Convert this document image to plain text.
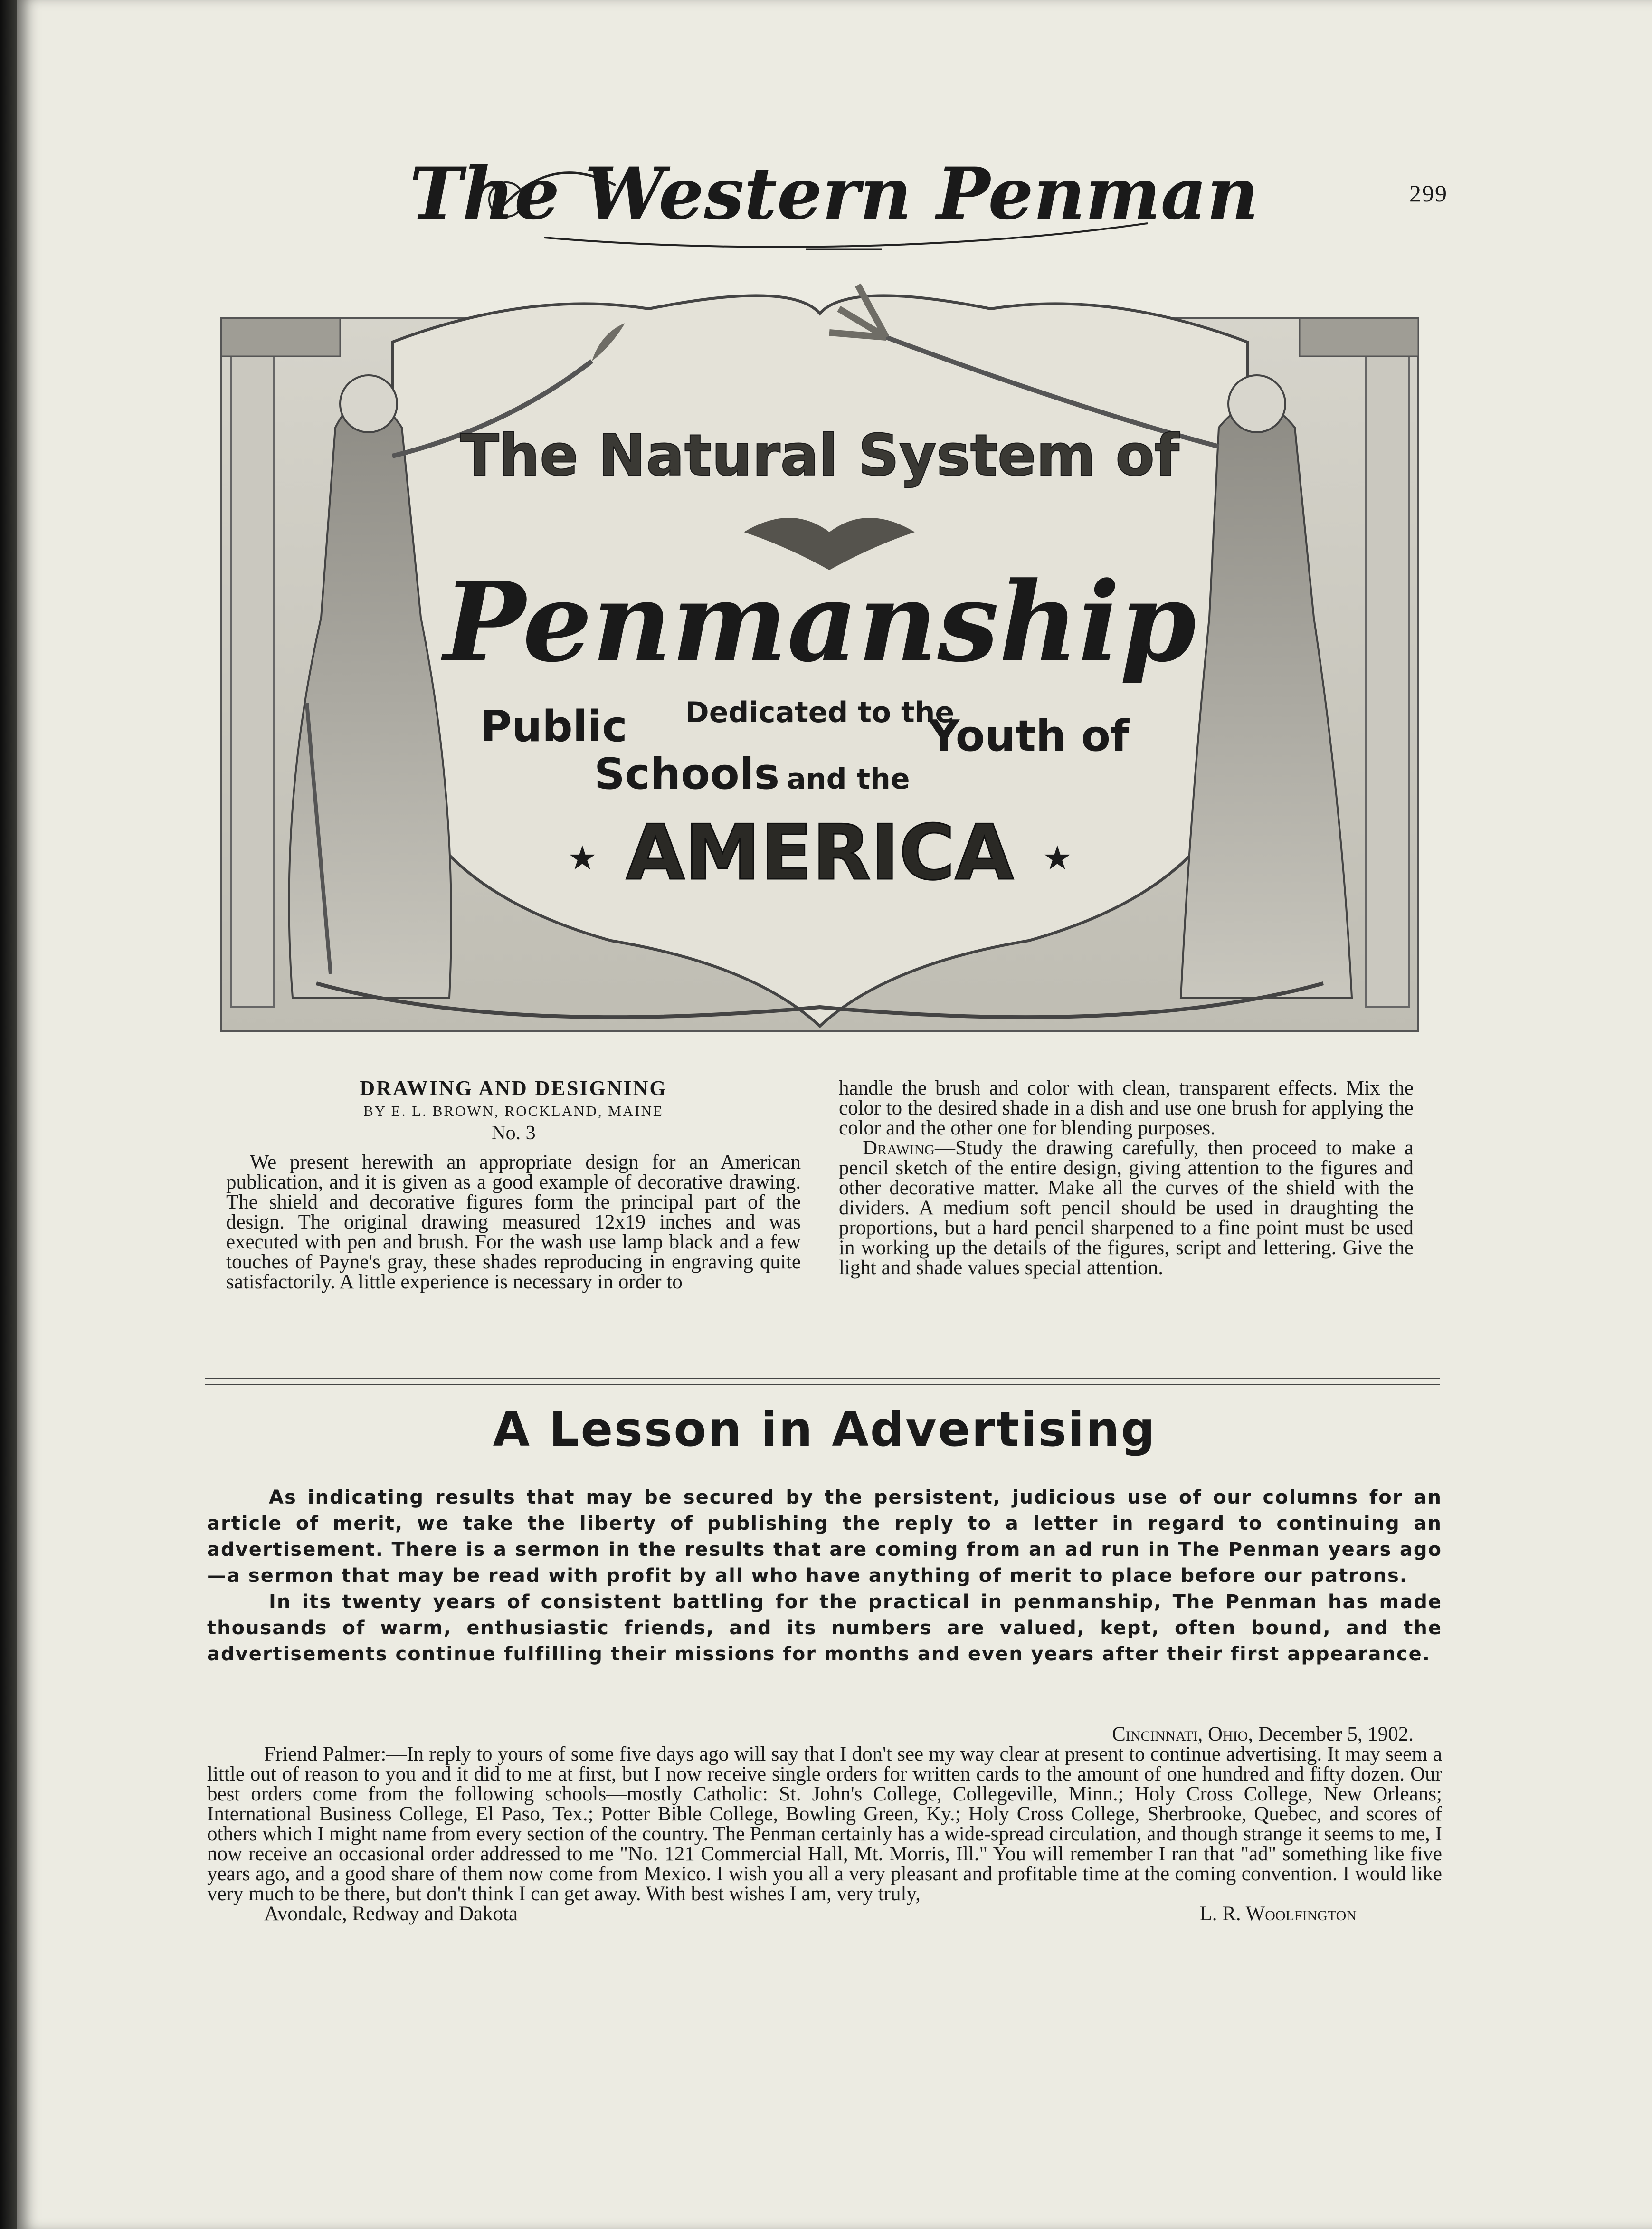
The Western Penman	299
The Natural System of
Penmanship
Public Dedicated to the
Schools and the
Youth of
AMERICA
★	★
DRAWING AND DESIGNING
BY E. L. BROWN, ROCKLAND, MAINE
No. 3

We present herewith an appropriate design for an American publication, and it is given as a good example of decorative drawing. The shield and decorative figures form the principal part of the design. The original drawing measured 12x19 inches and was executed with pen and brush. For the wash use lamp black and a few touches of Payne's gray, these shades reproducing in engraving quite satisfactorily. A little experience is necessary in order to

handle the brush and color with clean, transparent effects. Mix the color to the desired shade in a dish and use one brush for applying the color and the other one for blending purposes.

Drawing—Study the drawing carefully, then proceed to make a pencil sketch of the entire design, giving attention to the figures and other decorative matter. Make all the curves of the shield with the dividers. A medium soft pencil should be used in draughting the proportions, but a hard pencil sharpened to a fine point must be used in working up the details of the figures, script and lettering. Give the light and shade values special attention.

A Lesson in Advertising

As indicating results that may be secured by the persistent, judicious use of our columns for an article of merit, we take the liberty of publishing the reply to a letter in regard to continuing an advertisement. There is a sermon in the results that are coming from an ad run in The Penman years ago—a sermon that may be read with profit by all who have anything of merit to place before our patrons.

In its twenty years of consistent battling for the practical in penmanship, The Penman has made thousands of warm, enthusiastic friends, and its numbers are valued, kept, often bound, and the advertisements continue fulfilling their missions for months and even years after their first appearance.

Cincinnati, Ohio, December 5, 1902.

Friend Palmer:—In reply to yours of some five days ago will say that I don't see my way clear at present to continue advertising. It may seem a little out of reason to you and it did to me at first, but I now receive single orders for written cards to the amount of one hundred and fifty dozen. Our best orders come from the following schools—mostly Catholic: St. John's College, Collegeville, Minn.; Holy Cross College, New Orleans; International Business College, El Paso, Tex.; Potter Bible College, Bowling Green, Ky.; Holy Cross College, Sherbrooke, Quebec, and scores of others which I might name from every section of the country. The Penman certainly has a wide-spread circulation, and though strange it seems to me, I now receive an occasional order addressed to me "No. 121 Commercial Hall, Mt. Morris, Ill." You will remember I ran that "ad" something like five years ago, and a good share of them now come from Mexico. I wish you all a very pleasant and profitable time at the coming convention. I would like very much to be there, but don't think I can get away. With best wishes I am, very truly,

Avondale, Redway and Dakota	L. R. Woolfington
